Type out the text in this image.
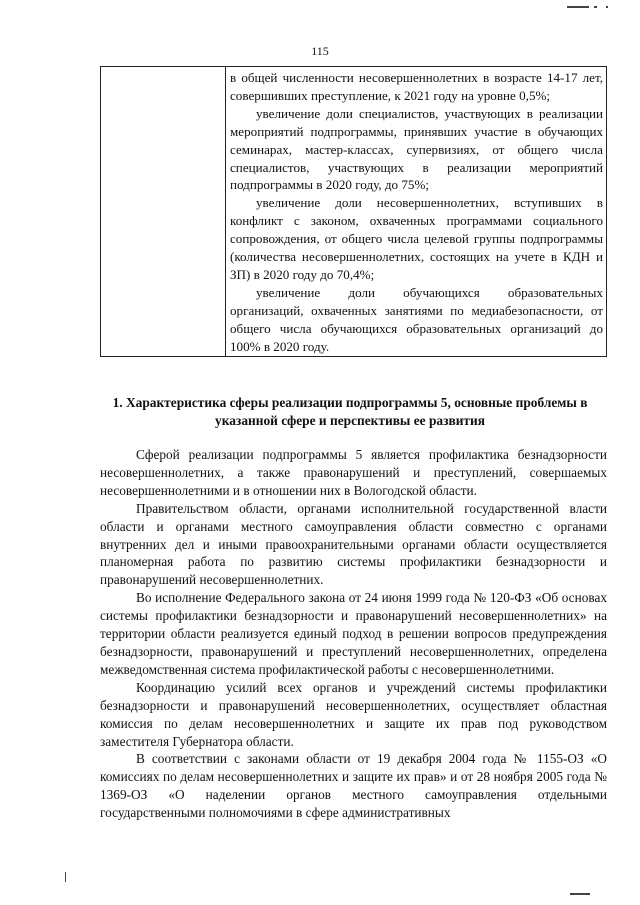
115

в общей численности несовершеннолетних в возрасте 14-17 лет, совершивших преступление, к 2021 году на уровне 0,5%;

увеличение доли специалистов, участвующих в реализации мероприятий подпрограммы, принявших участие в обучающих семинарах, мастер-классах, супервизиях, от общего числа специалистов, участвующих в реализации мероприятий подпрограммы в 2020 году, до 75%;

увеличение доли несовершеннолетних, вступивших в конфликт с законом, охваченных программами социального сопровождения, от общего числа целевой группы подпрограммы (количества несовершеннолетних, состоящих на учете в КДН и ЗП) в 2020 году до 70,4%;

увеличение доли обучающихся образовательных организаций, охваченных занятиями по медиабезопасности, от общего числа обучающихся образовательных организаций до 100% в 2020 году.

1. Характеристика сферы реализации подпрограммы 5, основные проблемы в указанной сфере и перспективы ее развития

Сферой реализации подпрограммы 5 является профилактика безнадзорности несовершеннолетних, а также правонарушений и преступлений, совершаемых несовершеннолетними и в отношении них в Вологодской области.

Правительством области, органами исполнительной государственной власти области и органами местного самоуправления области совместно с органами внутренних дел и иными правоохранительными органами области осуществляется планомерная работа по развитию системы профилактики безнадзорности и правонарушений несовершеннолетних.

Во исполнение Федерального закона от 24 июня 1999 года № 120-ФЗ «Об основах системы профилактики безнадзорности и правонарушений несовершеннолетних» на территории области реализуется единый подход в решении вопросов предупреждения безнадзорности, правонарушений и преступлений несовершеннолетних, определена межведомственная система профилактической работы с несовершеннолетними.

Координацию усилий всех органов и учреждений системы профилактики безнадзорности и правонарушений несовершеннолетних, осуществляет областная комиссия по делам несовершеннолетних и защите их прав под руководством заместителя Губернатора области.

В соответствии с законами области от 19 декабря 2004 года № 1155-ОЗ «О комиссиях по делам несовершеннолетних и защите их прав» и от 28 ноября 2005 года № 1369-ОЗ «О наделении органов местного самоуправления отдельными государственными полномочиями в сфере административных
